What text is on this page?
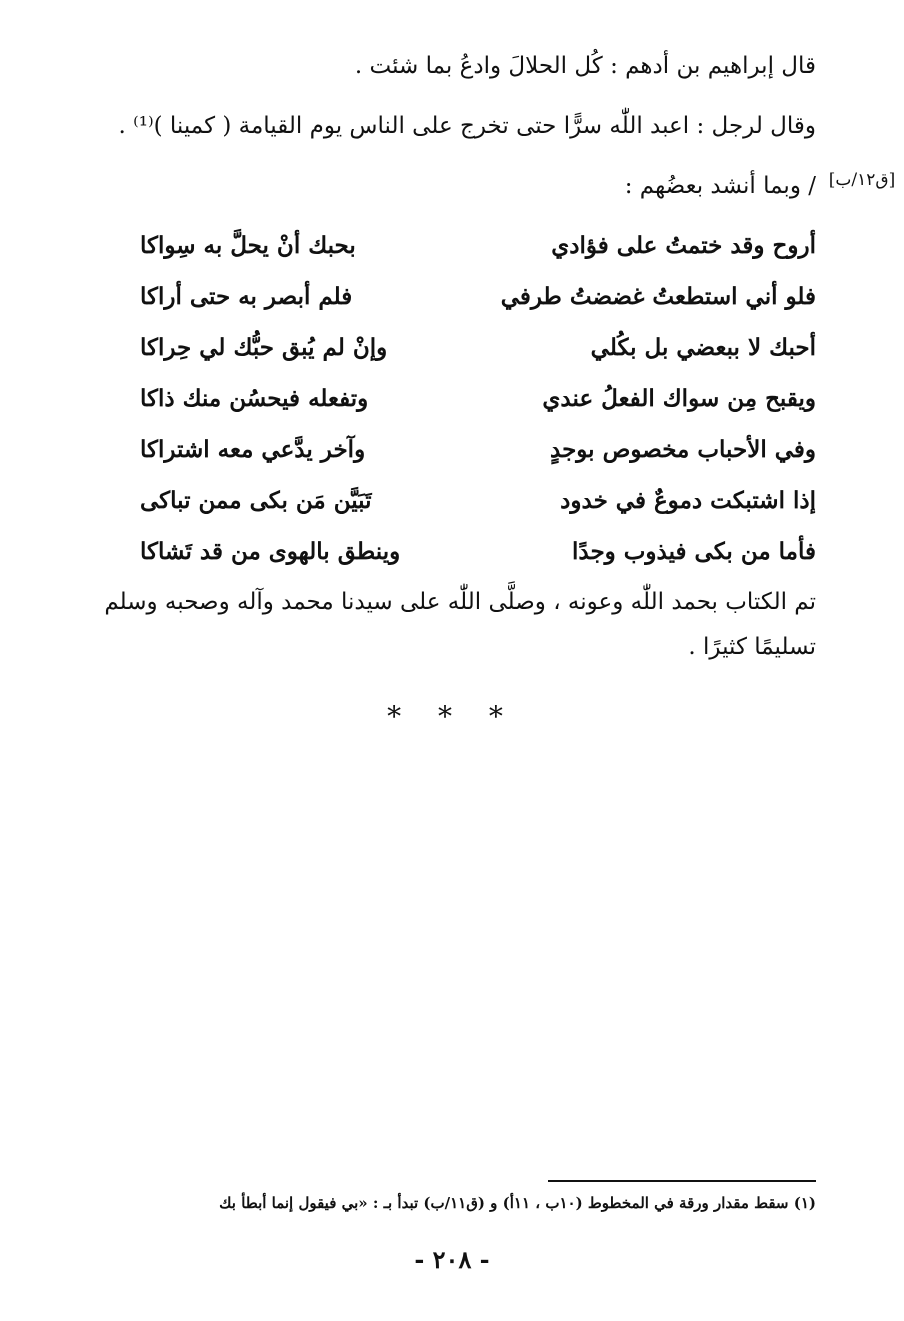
قال إبراهيم بن أدهم : كُل الحلالَ وادعُ بما شئت .
وقال لرجل : اعبد اللّٰه سرًّا حتى تخرج على الناس يوم القيامة ( كمينا )⁽¹⁾ .
/ وبما أنشد بعضُهم : [ق١٢/ب]
أروح وقد ختمتُ على فؤادي
بحبك أنْ يحلَّ به سِواكا
فلو أني استطعتُ غضضتُ طرفي
فلم أبصر به حتى أراكا
أحبك لا ببعضي بل بكُلي
وإنْ لم يُبق حبُّك لي حِراكا
ويقبح مِن سواك الفعلُ عندي
وتفعله فيحسُن منك ذاكا
وفي الأحباب مخصوص بوجدٍ
وآخر يدَّعي معه اشتراكا
إذا اشتبكت دموعٌ في خدود
تَبَيَّن مَن بكى ممن تباكى
فأما من بكى فيذوب وجدًا
وينطق بالهوى من قد تَشاكا
تم الكتاب بحمد اللّٰه وعونه ، وصلَّى اللّٰه على سيدنا محمد وآله وصحبه وسلم تسليمًا كثيرًا .
* * *
(١) سقط مقدار ورقة في المخطوط (١٠ب ، ١١أ) و (ق١١/ب) تبدأ بـ : «بي فيقول إنما أبطأ بك
- ٢٠٨ -
